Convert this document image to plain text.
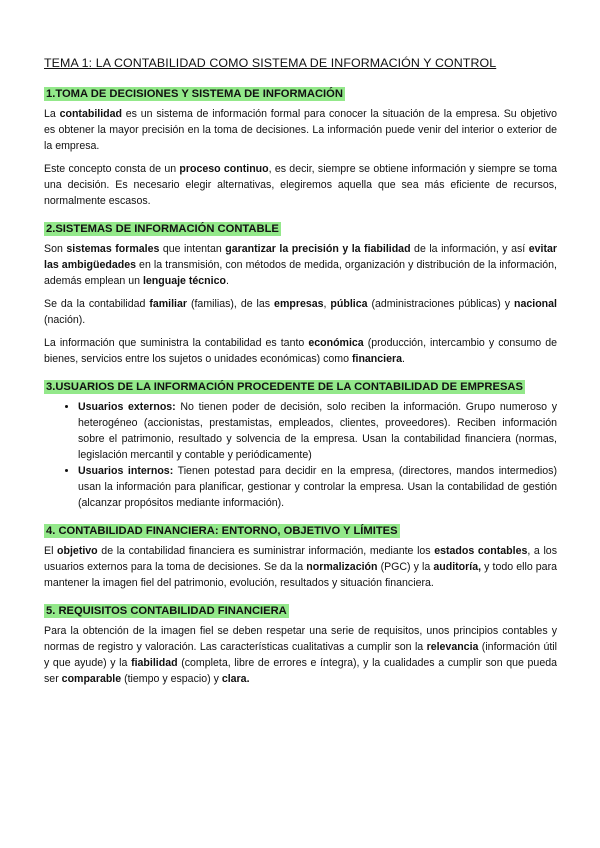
TEMA 1: LA CONTABILIDAD COMO SISTEMA DE INFORMACIÓN Y CONTROL
1.TOMA DE DECISIONES Y SISTEMA DE INFORMACIÓN

La contabilidad es un sistema de información formal para conocer la situación de la empresa. Su objetivo es obtener la mayor precisión en la toma de decisiones. La información puede venir del interior o exterior de la empresa.

Este concepto consta de un proceso continuo, es decir, siempre se obtiene información y siempre se toma una decisión. Es necesario elegir alternativas, elegiremos aquella que sea más eficiente de recursos, normalmente escasos.

2.SISTEMAS DE INFORMACIÓN CONTABLE

Son sistemas formales que intentan garantizar la precisión y la fiabilidad de la información, y así evitar las ambigüedades en la transmisión, con métodos de medida, organización y distribución de la información, además emplean un lenguaje técnico.

Se da la contabilidad familiar (familias), de las empresas, pública (administraciones públicas) y nacional (nación).

La información que suministra la contabilidad es tanto económica (producción, intercambio y consumo de bienes, servicios entre los sujetos o unidades económicas) como financiera.

3.USUARIOS DE LA INFORMACIÓN PROCEDENTE DE LA CONTABILIDAD DE EMPRESAS
• Usuarios externos: No tienen poder de decisión, solo reciben la información. Grupo numeroso y heterogéneo (accionistas, prestamistas, empleados, clientes, proveedores). Reciben información sobre el patrimonio, resultado y solvencia de la empresa. Usan la contabilidad financiera (normas, legislación mercantil y contable y periódicamente)
• Usuarios internos: Tienen potestad para decidir en la empresa, (directores, mandos intermedios) usan la información para planificar, gestionar y controlar la empresa. Usan la contabilidad de gestión (alcanzar propósitos mediante información).
4. CONTABILIDAD FINANCIERA: ENTORNO, OBJETIVO Y LÍMITES

El objetivo de la contabilidad financiera es suministrar información, mediante los estados contables, a los usuarios externos para la toma de decisiones. Se da la normalización (PGC) y la auditoría, y todo ello para mantener la imagen fiel del patrimonio, evolución, resultados y situación financiera.

5. REQUISITOS CONTABILIDAD FINANCIERA

Para la obtención de la imagen fiel se deben respetar una serie de requisitos, unos principios contables y normas de registro y valoración. Las características cualitativas a cumplir son la relevancia (información útil y que ayude) y la fiabilidad (completa, libre de errores e íntegra), y la cualidades a cumplir son que pueda ser comparable (tiempo y espacio) y clara.
